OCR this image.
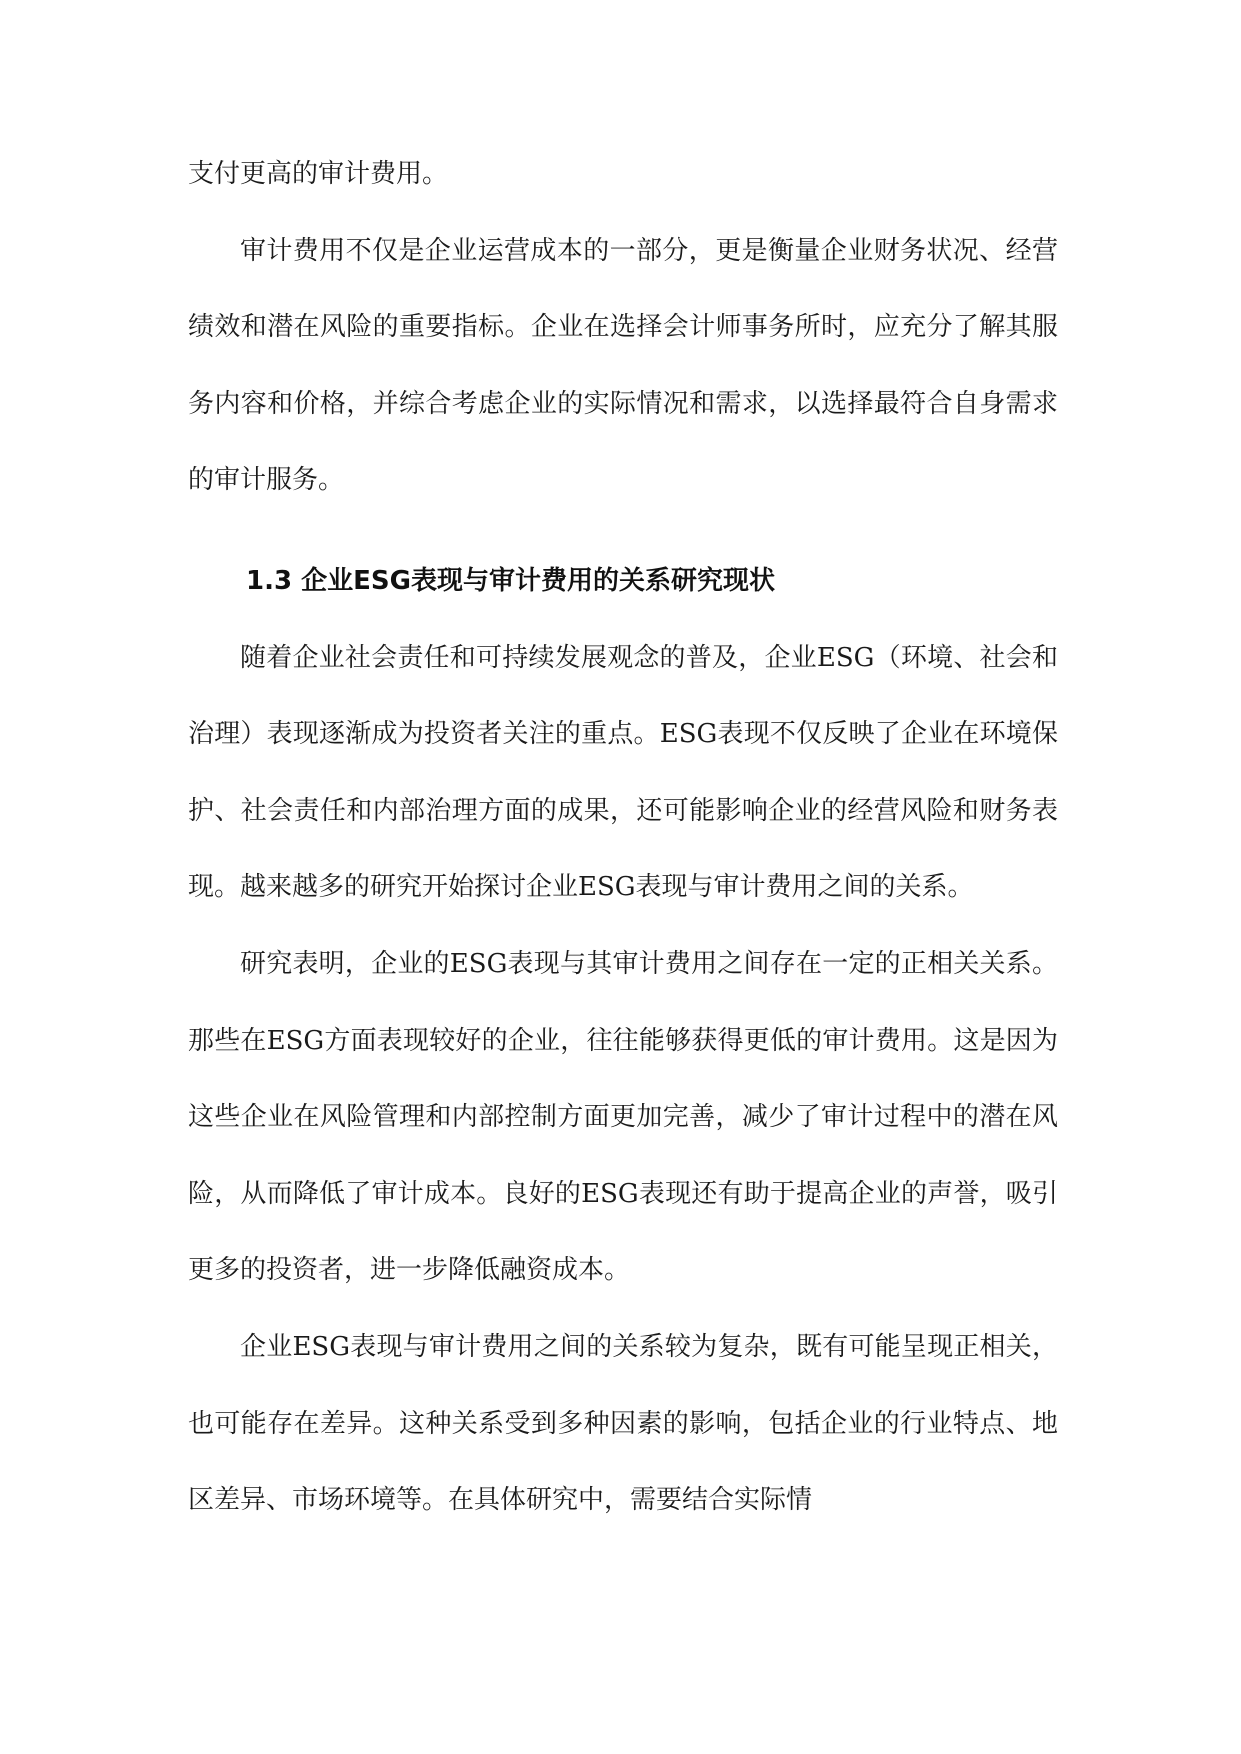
支付更高的审计费用。

审计费用不仅是企业运营成本的一部分，更是衡量企业财务状况、经营绩效和潜在风险的重要指标。企业在选择会计师事务所时，应充分了解其服务内容和价格，并综合考虑企业的实际情况和需求，以选择最符合自身需求的审计服务。

1.3 企业ESG表现与审计费用的关系研究现状

随着企业社会责任和可持续发展观念的普及，企业ESG（环境、社会和治理）表现逐渐成为投资者关注的重点。ESG表现不仅反映了企业在环境保护、社会责任和内部治理方面的成果，还可能影响企业的经营风险和财务表现。越来越多的研究开始探讨企业ESG表现与审计费用之间的关系。

研究表明，企业的ESG表现与其审计费用之间存在一定的正相关关系。那些在ESG方面表现较好的企业，往往能够获得更低的审计费用。这是因为这些企业在风险管理和内部控制方面更加完善，减少了审计过程中的潜在风险，从而降低了审计成本。良好的ESG表现还有助于提高企业的声誉，吸引更多的投资者，进一步降低融资成本。

企业ESG表现与审计费用之间的关系较为复杂，既有可能呈现正相关，也可能存在差异。这种关系受到多种因素的影响，包括企业的行业特点、地区差异、市场环境等。在具体研究中，需要结合实际情
